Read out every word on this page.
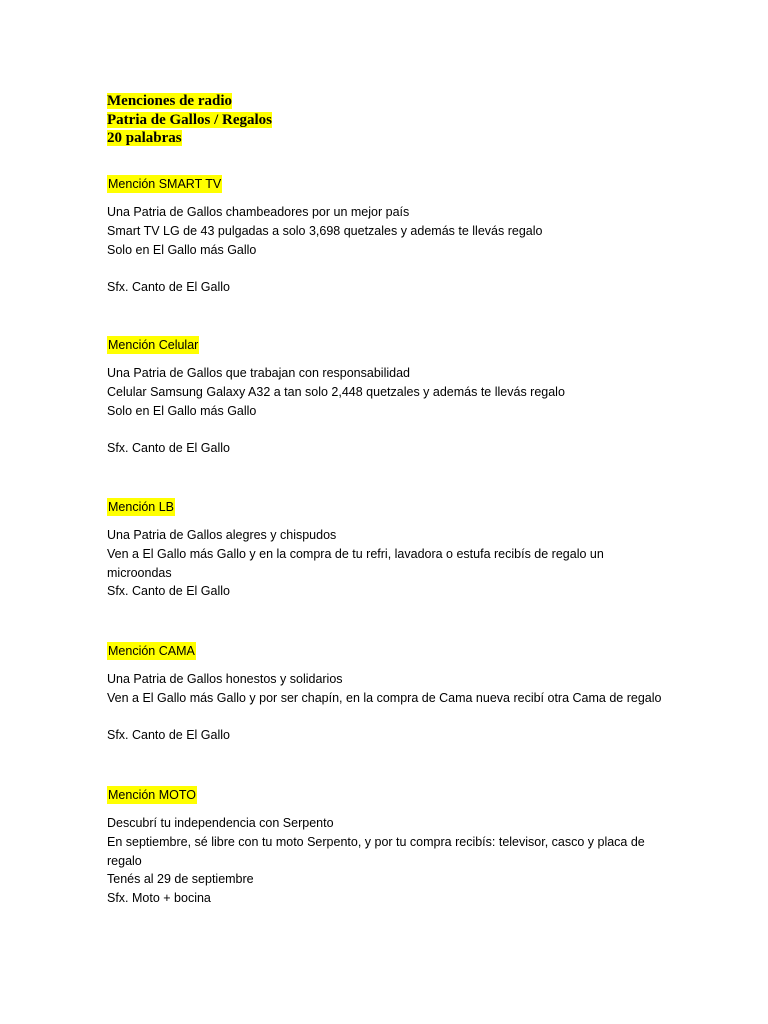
Menciones de radio
Patria de Gallos / Regalos
20 palabras
Mención SMART TV
Una Patria de Gallos chambeadores por un mejor país
Smart TV LG de 43 pulgadas a solo 3,698 quetzales y además te llevás regalo
Solo en El Gallo más Gallo
Sfx. Canto de El Gallo
Mención Celular
Una Patria de Gallos que trabajan con responsabilidad
Celular Samsung Galaxy A32 a tan solo 2,448 quetzales y además te llevás regalo
Solo en El Gallo más Gallo
Sfx. Canto de El Gallo
Mención LB
Una Patria de Gallos alegres y chispudos
Ven a El Gallo más Gallo y en la compra de tu refri, lavadora o estufa recibís de regalo un
microondas
Sfx. Canto de El Gallo
Mención CAMA
Una Patria de Gallos honestos y solidarios
Ven a El Gallo más Gallo y por ser chapín, en la compra de Cama nueva recibí otra Cama de regalo
Sfx. Canto de El Gallo
Mención MOTO
Descubrí tu independencia con Serpento
En septiembre, sé libre con tu moto Serpento, y por tu compra recibís: televisor, casco y placa de
regalo
Tenés al 29 de septiembre
Sfx. Moto + bocina
